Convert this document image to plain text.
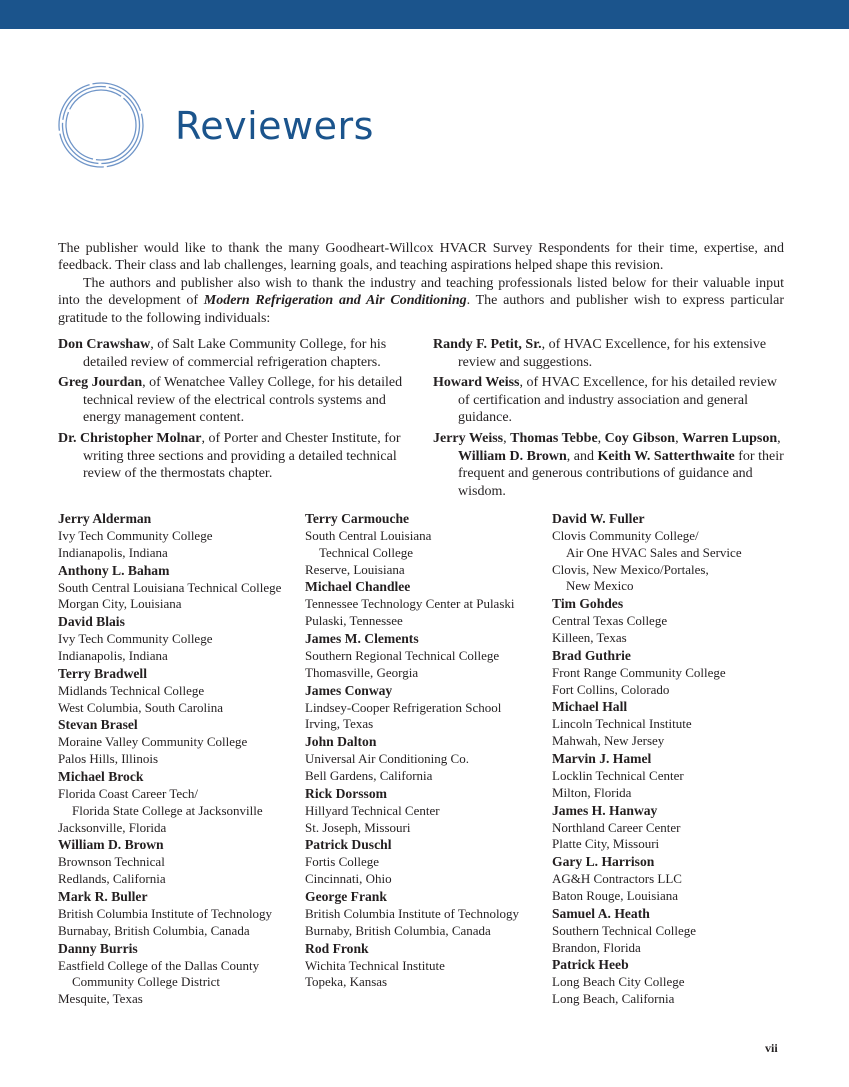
Reviewers

The publisher would like to thank the many Goodheart-Willcox HVACR Survey Respondents for their time, expertise, and feedback. Their class and lab challenges, learning goals, and teaching aspirations helped shape this revision.

The authors and publisher also wish to thank the industry and teaching professionals listed below for their valuable input into the development of Modern Refrigeration and Air Conditioning. The authors and publisher wish to express particular gratitude to the following individuals:

Don Crawshaw, of Salt Lake Community College, for his detailed review of commercial refrigeration chapters.
Greg Jourdan, of Wenatchee Valley College, for his detailed technical review of the electrical controls systems and energy management content.
Dr. Christopher Molnar, of Porter and Chester Institute, for writing three sections and providing a detailed technical review of the thermostats chapter.
Randy F. Petit, Sr., of HVAC Excellence, for his extensive review and suggestions.
Howard Weiss, of HVAC Excellence, for his detailed review of certification and industry association and general guidance.
Jerry Weiss, Thomas Tebbe, Coy Gibson, Warren Lupson, William D. Brown, and Keith W. Satterthwaite for their frequent and generous contributions of guidance and wisdom.
Jerry Alderman
Ivy Tech Community College
Indianapolis, Indiana
Anthony L. Baham
South Central Louisiana Technical College
Morgan City, Louisiana
David Blais
Ivy Tech Community College
Indianapolis, Indiana
Terry Bradwell
Midlands Technical College
West Columbia, South Carolina
Stevan Brasel
Moraine Valley Community College
Palos Hills, Illinois
Michael Brock
Florida Coast Career Tech/
Florida State College at Jacksonville
Jacksonville, Florida
William D. Brown
Brownson Technical
Redlands, California
Mark R. Buller
British Columbia Institute of Technology
Burnabay, British Columbia, Canada
Danny Burris
Eastfield College of the Dallas County
Community College District
Mesquite, Texas
Terry Carmouche
South Central Louisiana
Technical College
Reserve, Louisiana
Michael Chandlee
Tennessee Technology Center at Pulaski
Pulaski, Tennessee
James M. Clements
Southern Regional Technical College
Thomasville, Georgia
James Conway
Lindsey-Cooper Refrigeration School
Irving, Texas
John Dalton
Universal Air Conditioning Co.
Bell Gardens, California
Rick Dorssom
Hillyard Technical Center
St. Joseph, Missouri
Patrick Duschl
Fortis College
Cincinnati, Ohio
George Frank
British Columbia Institute of Technology
Burnaby, British Columbia, Canada
Rod Fronk
Wichita Technical Institute
Topeka, Kansas
David W. Fuller
Clovis Community College/
Air One HVAC Sales and Service
Clovis, New Mexico/Portales,
New Mexico
Tim Gohdes
Central Texas College
Killeen, Texas
Brad Guthrie
Front Range Community College
Fort Collins, Colorado
Michael Hall
Lincoln Technical Institute
Mahwah, New Jersey
Marvin J. Hamel
Locklin Technical Center
Milton, Florida
James H. Hanway
Northland Career Center
Platte City, Missouri
Gary L. Harrison
AG&H Contractors LLC
Baton Rouge, Louisiana
Samuel A. Heath
Southern Technical College
Brandon, Florida
Patrick Heeb
Long Beach City College
Long Beach, California
vii
